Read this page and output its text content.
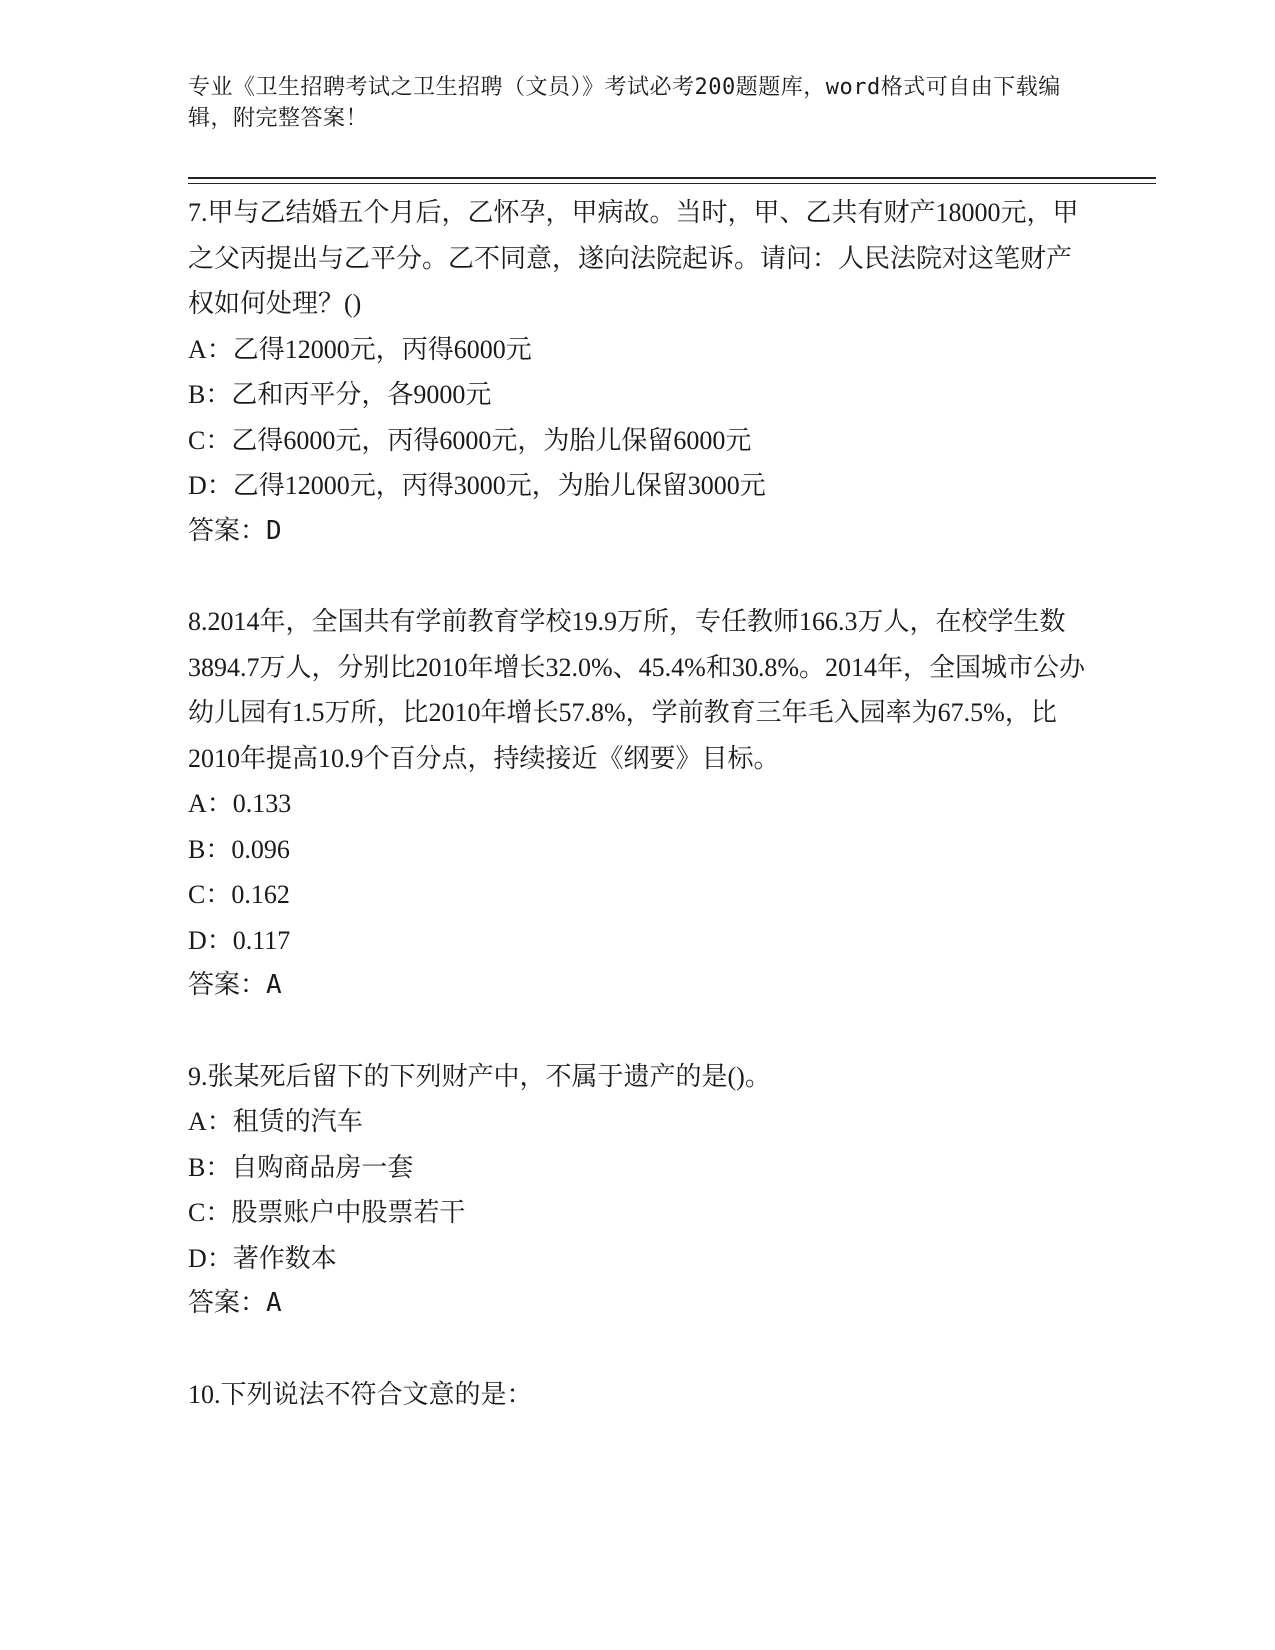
专业《卫生招聘考试之卫生招聘（文员）》考试必考200题题库，word格式可自由下载编辑，附完整答案！

7.甲与乙结婚五个月后，乙怀孕，甲病故。当时，甲、乙共有财产18000元，甲之父丙提出与乙平分。乙不同意，遂向法院起诉。请问：人民法院对这笔财产权如何处理？()

A：乙得12000元，丙得6000元

B：乙和丙平分，各9000元

C：乙得6000元，丙得6000元，为胎儿保留6000元

D：乙得12000元，丙得3000元，为胎儿保留3000元

答案：D

8.2014年，全国共有学前教育学校19.9万所，专任教师166.3万人，在校学生数3894.7万人，分别比2010年增长32.0%、45.4%和30.8%。2014年，全国城市公办幼儿园有1.5万所，比2010年增长57.8%，学前教育三年毛入园率为67.5%，比2010年提高10.9个百分点，持续接近《纲要》目标。

A：0.133

B：0.096

C：0.162

D：0.117

答案：A

9.张某死后留下的下列财产中，不属于遗产的是()。

A：租赁的汽车

B：自购商品房一套

C：股票账户中股票若干

D：著作数本

答案：A

10.下列说法不符合文意的是：
